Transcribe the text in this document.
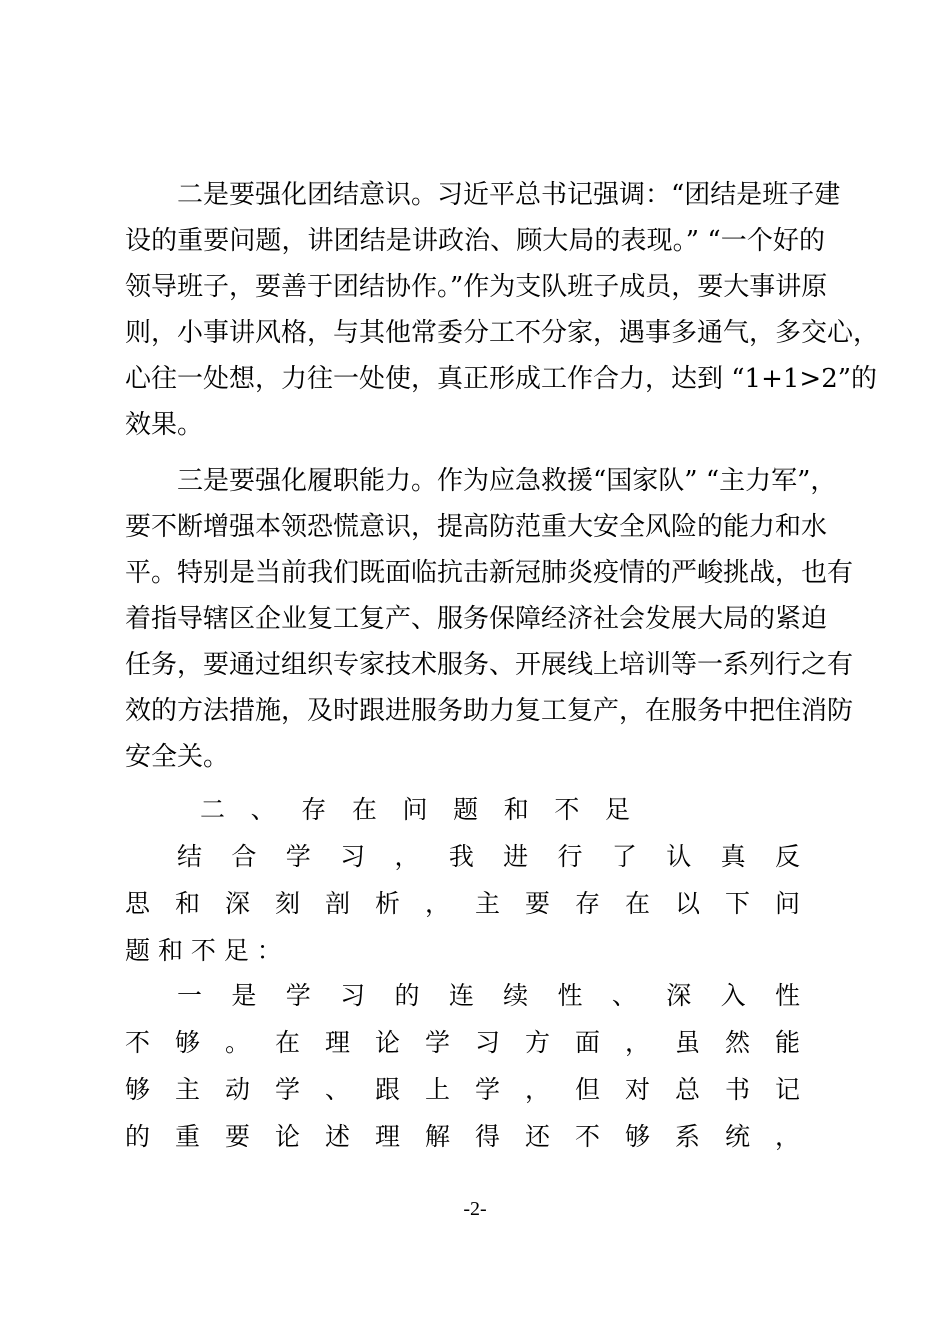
二是要强化团结意识。习近平总书记强调：“团结是班子建
设的重要问题，讲团结是讲政治、顾大局的表现。” “一个好的
领导班子，要善于团结协作。”作为支队班子成员，要大事讲原
则，小事讲风格，与其他常委分工不分家，遇事多通气，多交心，
心往一处想，力往一处使，真正形成工作合力，达到 “1+1>2”的
效果。
三是要强化履职能力。作为应急救援“国家队” “主力军”，
要不断增强本领恐慌意识，提高防范重大安全风险的能力和水
平。特别是当前我们既面临抗击新冠肺炎疫情的严峻挑战，也有
着指导辖区企业复工复产、服务保障经济社会发展大局的紧迫
任务，要通过组织专家技术服务、开展线上培训等一系列行之有
效的方法措施，及时跟进服务助力复工复产，在服务中把住消防
安全关。
二 、 存 在 问 题 和 不 足
结 合 学 习 ， 我 进 行 了 认 真 反
思 和 深 刻 剖 析 ， 主 要 存 在 以 下 问
题 和 不 足 ：
一 是 学 习 的 连 续 性 、 深 入 性
不 够 。 在 理 论 学 习 方 面 ， 虽 然 能
够 主 动 学 、 跟 上 学 ， 但 对 总 书 记
的 重 要 论 述 理 解 得 还 不 够 系 统 ，
-2-
